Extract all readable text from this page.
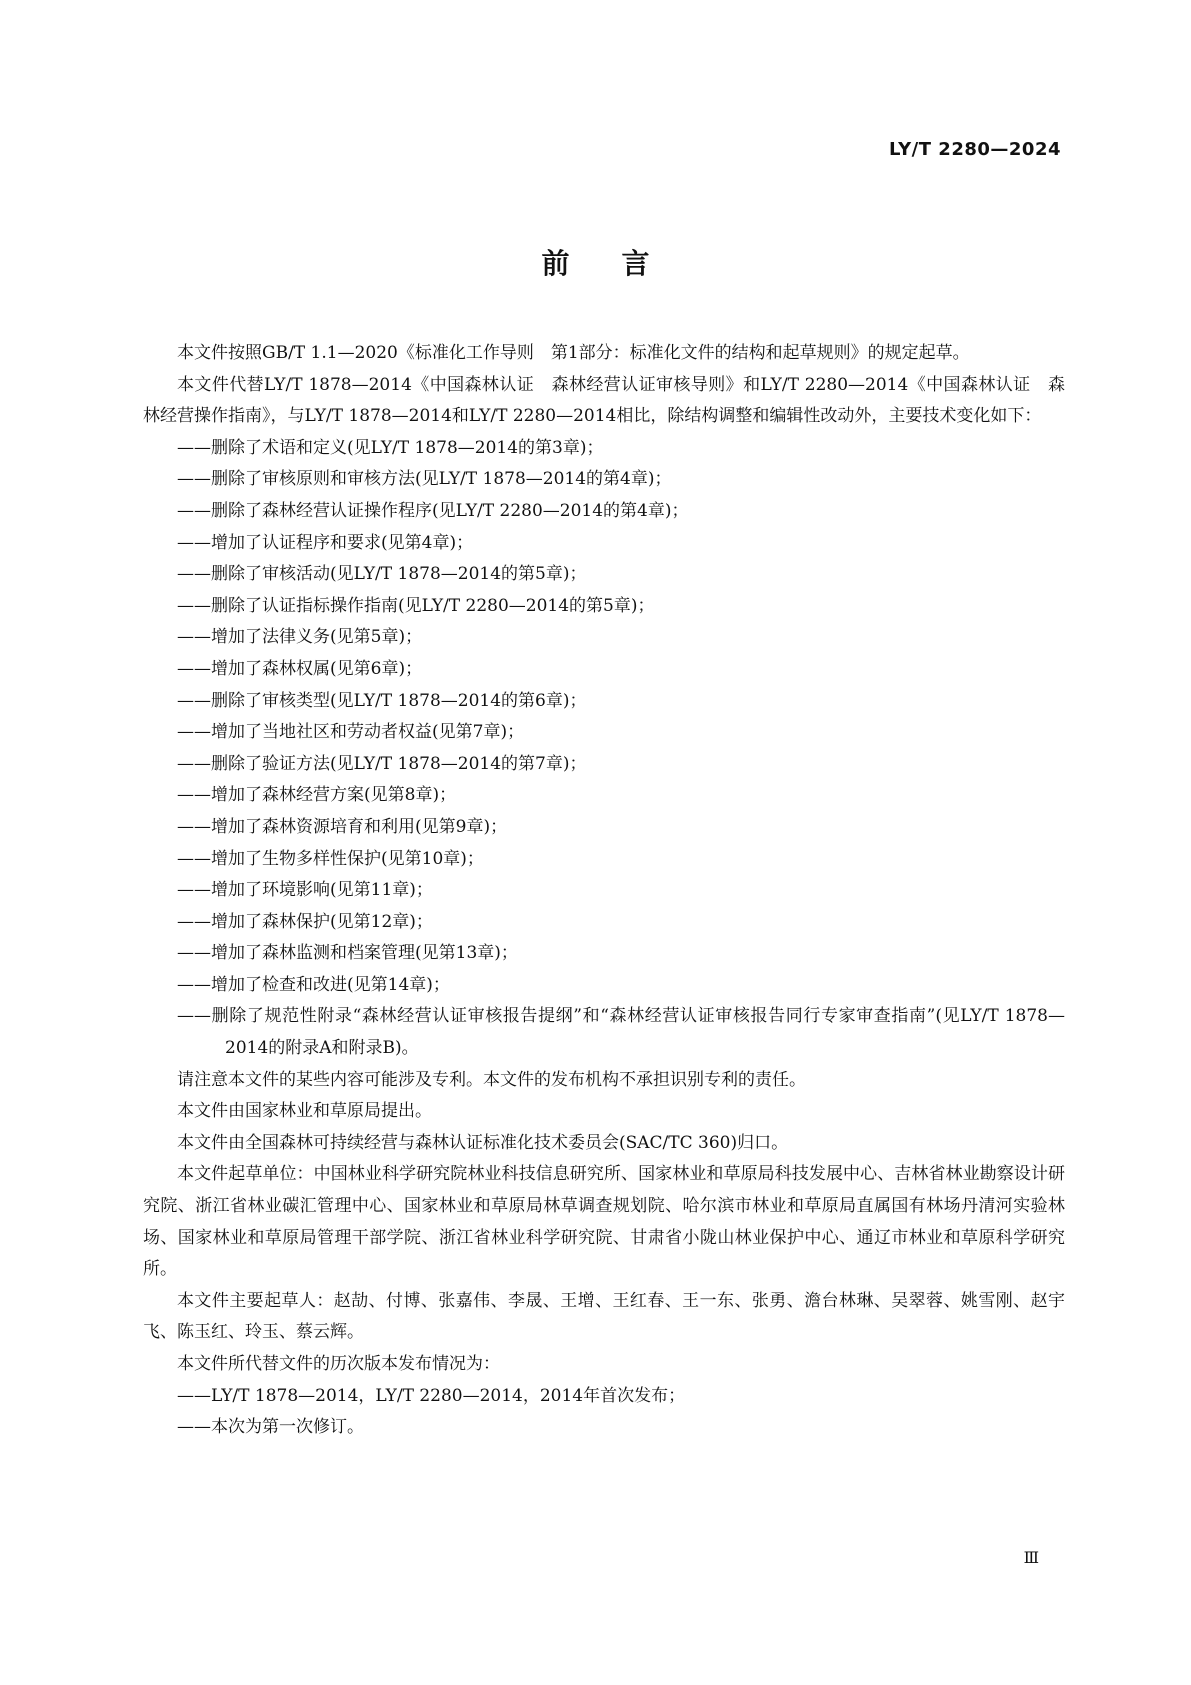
LY/T 2280—2024
前言

本文件按照GB/T 1.1—2020《标准化工作导则　第1部分：标准化文件的结构和起草规则》的规定起草。

本文件代替LY/T 1878—2014《中国森林认证　森林经营认证审核导则》和LY/T 2280—2014《中国森林认证　森林经营操作指南》，与LY/T 1878—2014和LY/T 2280—2014相比，除结构调整和编辑性改动外，主要技术变化如下：

——删除了术语和定义(见LY/T 1878—2014的第3章)；

——删除了审核原则和审核方法(见LY/T 1878—2014的第4章)；

——删除了森林经营认证操作程序(见LY/T 2280—2014的第4章)；

——增加了认证程序和要求(见第4章)；

——删除了审核活动(见LY/T 1878—2014的第5章)；

——删除了认证指标操作指南(见LY/T 2280—2014的第5章)；

——增加了法律义务(见第5章)；

——增加了森林权属(见第6章)；

——删除了审核类型(见LY/T 1878—2014的第6章)；

——增加了当地社区和劳动者权益(见第7章)；

——删除了验证方法(见LY/T 1878—2014的第7章)；

——增加了森林经营方案(见第8章)；

——增加了森林资源培育和利用(见第9章)；

——增加了生物多样性保护(见第10章)；

——增加了环境影响(见第11章)；

——增加了森林保护(见第12章)；

——增加了森林监测和档案管理(见第13章)；

——增加了检查和改进(见第14章)；

——删除了规范性附录“森林经营认证审核报告提纲”和“森林经营认证审核报告同行专家审查指南”(见LY/T 1878—2014的附录A和附录B)。

请注意本文件的某些内容可能涉及专利。本文件的发布机构不承担识别专利的责任。

本文件由国家林业和草原局提出。

本文件由全国森林可持续经营与森林认证标准化技术委员会(SAC/TC 360)归口。

本文件起草单位：中国林业科学研究院林业科技信息研究所、国家林业和草原局科技发展中心、吉林省林业勘察设计研究院、浙江省林业碳汇管理中心、国家林业和草原局林草调查规划院、哈尔滨市林业和草原局直属国有林场丹清河实验林场、国家林业和草原局管理干部学院、浙江省林业科学研究院、甘肃省小陇山林业保护中心、通辽市林业和草原科学研究所。

本文件主要起草人：赵劼、付博、张嘉伟、李晟、王增、王红春、王一东、张勇、澹台林琳、吴翠蓉、姚雪刚、赵宇飞、陈玉红、玲玉、蔡云辉。

本文件所代替文件的历次版本发布情况为：

——LY/T 1878—2014，LY/T 2280—2014，2014年首次发布；

——本次为第一次修订。

Ⅲ
